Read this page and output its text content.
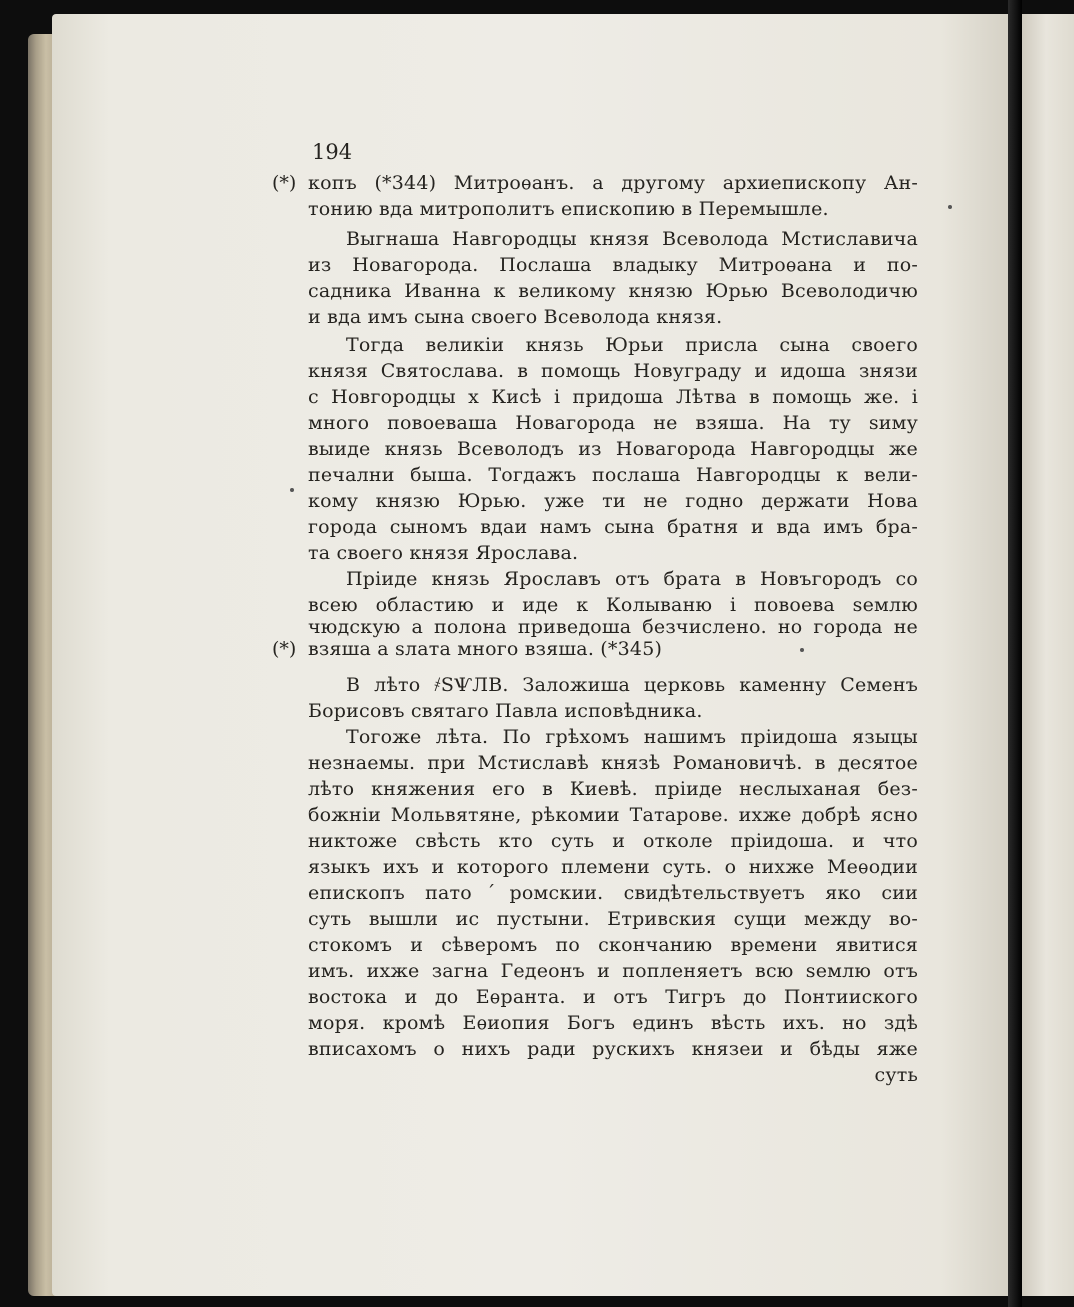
194
(*)
(*)
копъ (*344) Митроѳанъ. а другому архиепископу Ан-
тонию вда митрополитъ епископию в Перемышле.
Выгнаша Навгородцы князя Всеволода Мстиславича
из Новагорода. Послаша владыку Митроѳана и по-
садника Иванна к великому князю Юрью Всеволодичю
и вда имъ сына своего Всеволода князя.
Тогда великiи князь Юрьи присла сына своего
князя Святослава. в помощь Новуграду и идоша знязи
с Новгородцы х Кисѣ i придоша Лѣтва в помощь же. i
много повоеваша Новагорода не взяша. На ту ѕиму
выиде князь Всеволодъ из Новагорода Навгородцы же
печални быша. Тогдажъ послаша Навгородцы к вели-
кому князю Юрью. уже ти не годно держати Нова
города сыномъ вдаи намъ сына братня и вда имъ бра-
та своего князя Ярослава.
Прiиде князь Ярославъ отъ брата в Новъгородъ со
всею областию и иде к Колываню i повоева ѕемлю
чюдскую а полона приведоша безчислено. но города не
взяша а ѕлата много взяша. (*345)
В лѣто ҂ЅѰЛВ. Заложиша церковь каменну Семенъ
Борисовъ святаго Павла исповѣдника.
Тогоже лѣта. По грѣхомъ нашимъ прiидоша языцы
незнаемы. при Мстиславѣ князѣ Романовичѣ. в десятое
лѣто княжения его в Киевѣ. прiиде неслыханая без-
божнiи Мольвятяне, рѣкомии Татарове. ихже добрѣ ясно
никтоже свѣсть кто суть и отколе прiидоша. и что
языкъ ихъ и которого племени суть. о нихже Меѳодии
епископъ патоˊромскии. свидѣтельствуетъ яко сии
суть вышли ис пустыни. Етривския сущи между во-
стокомъ и сѣверомъ по скончанию времени явитися
имъ. ихже загна Гедеонъ и попленяетъ всю ѕемлю отъ
востока и до Еѳранта. и отъ Тигръ до Понтииского
моря. кромѣ Еѳиопия Богъ единъ вѣсть ихъ. но здѣ
вписахомъ о нихъ ради рускихъ князеи и бѣды яже
суть
